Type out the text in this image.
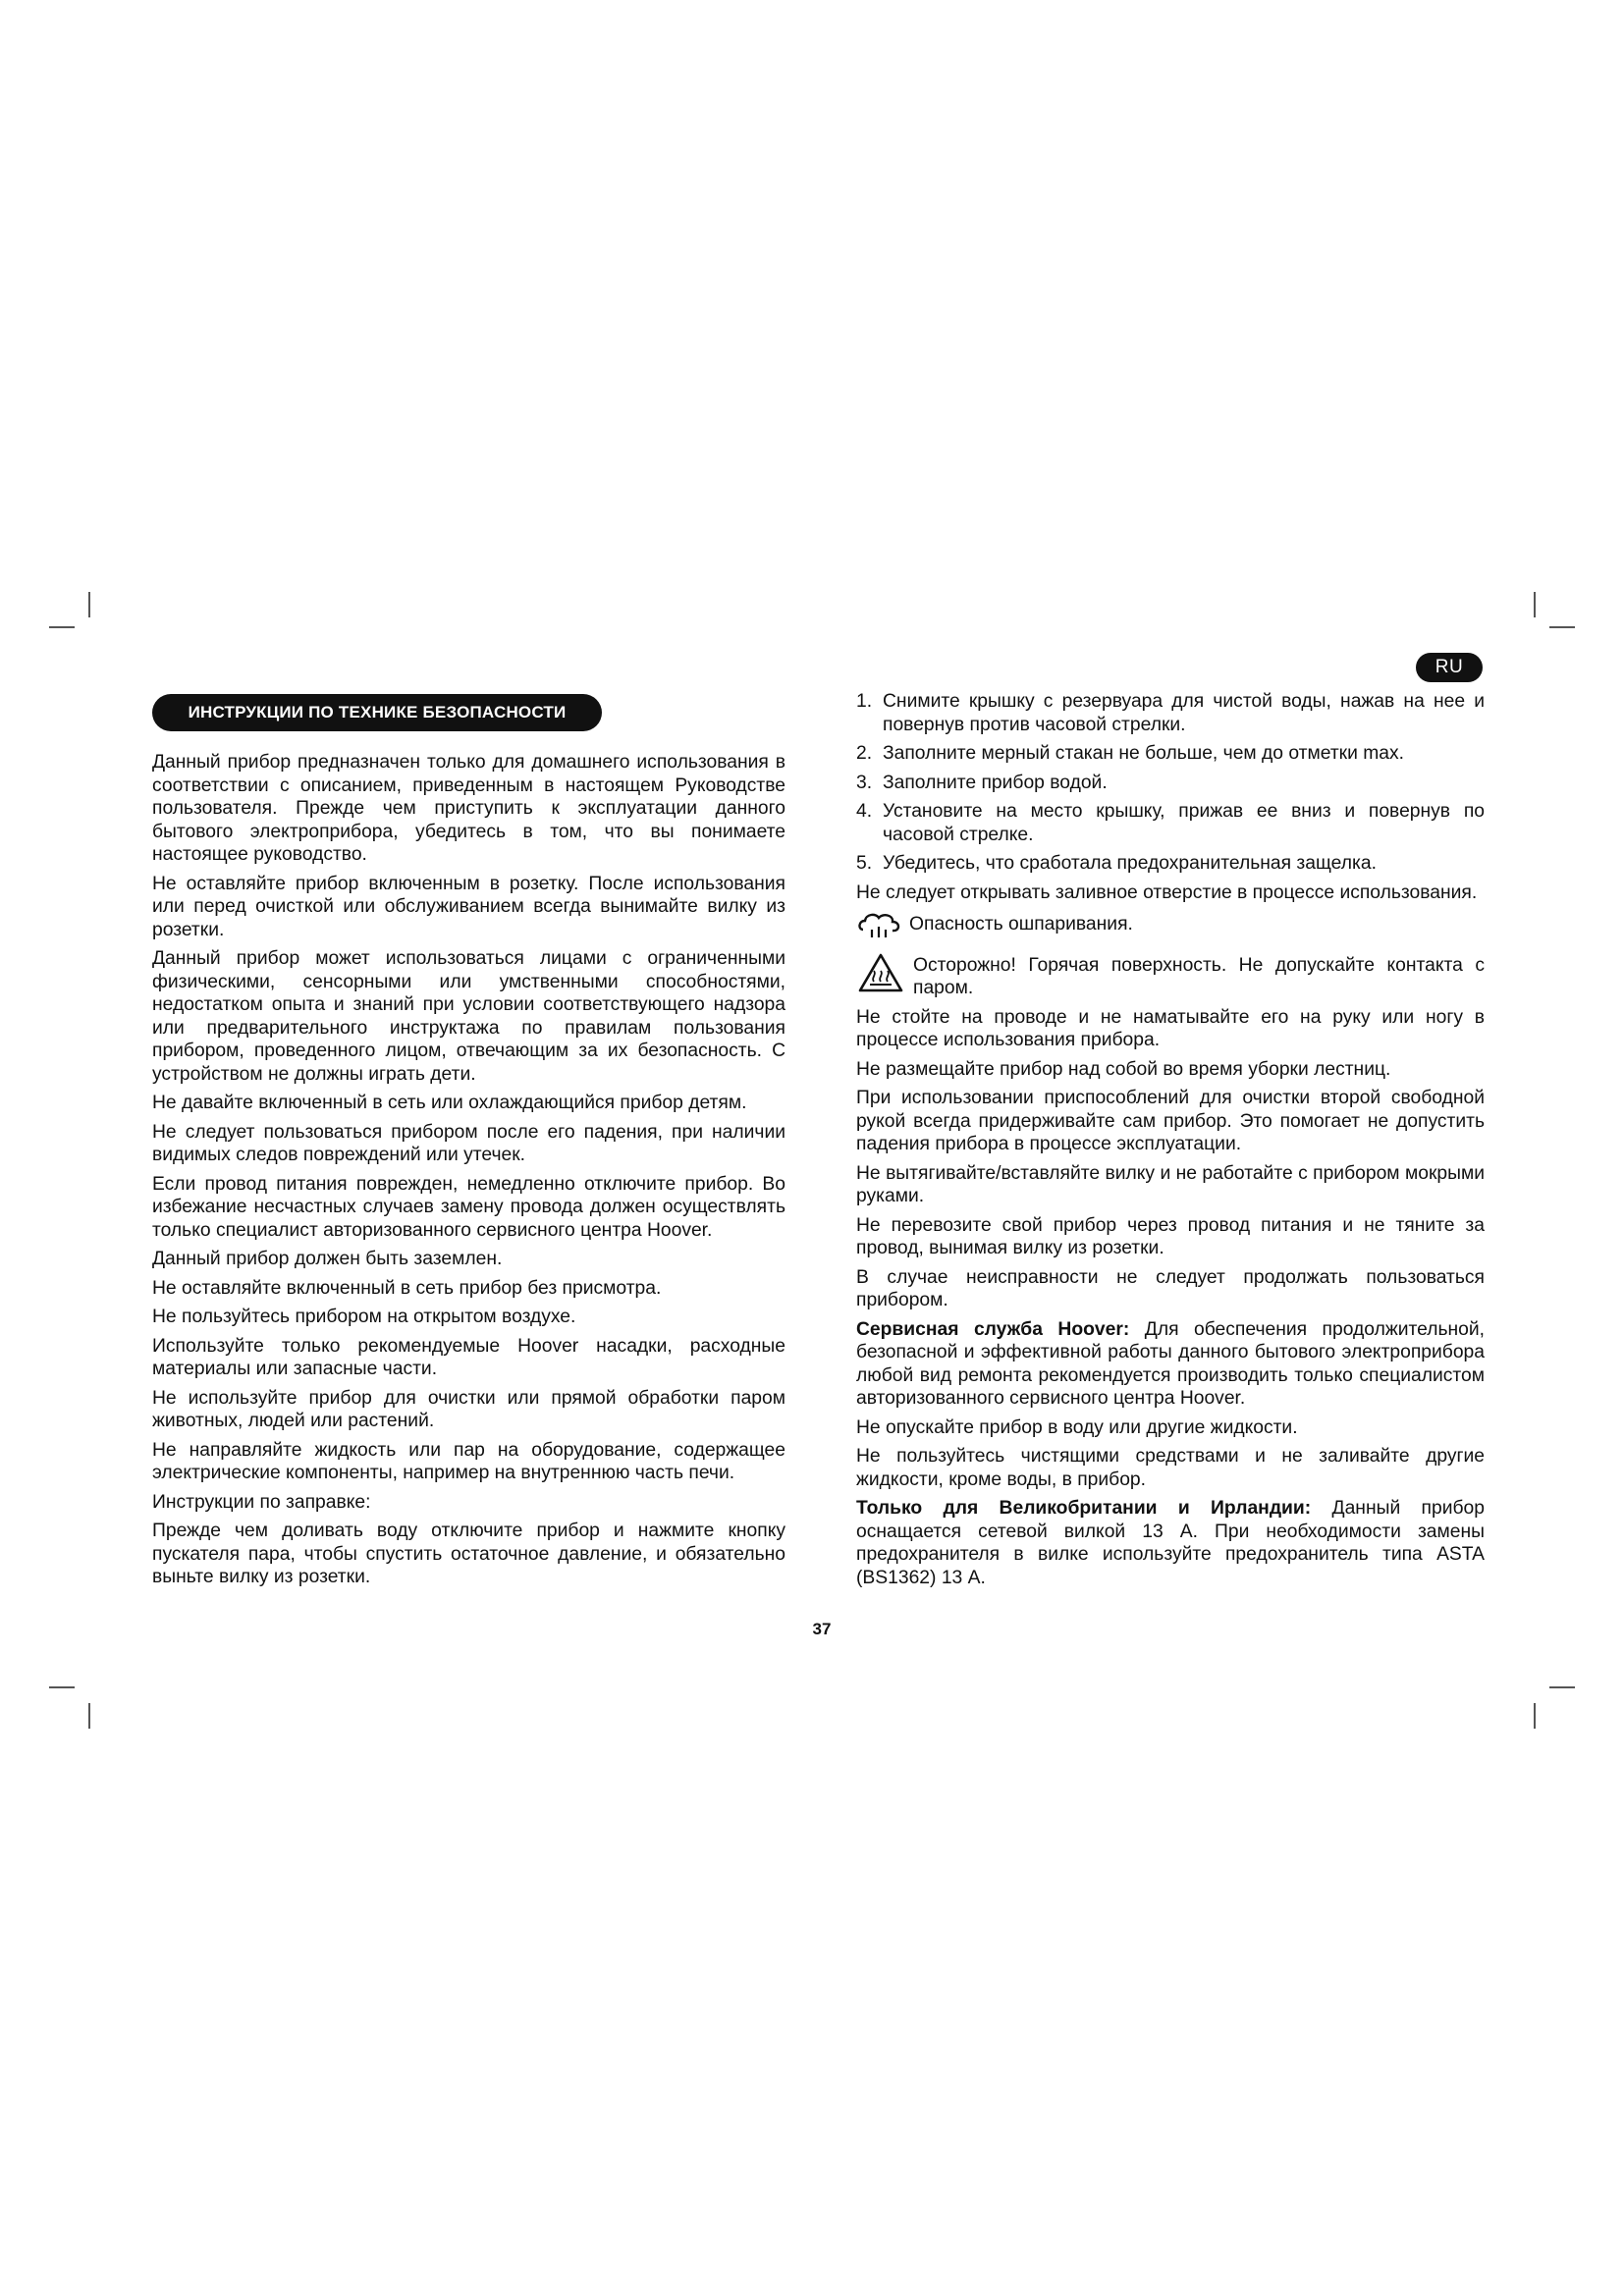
RU
ИНСТРУКЦИИ ПО ТЕХНИКЕ БЕЗОПАСНОСТИ

Данный прибор предназначен только для домашнего использования в соответствии с описанием, приведенным в настоящем Руководстве пользователя. Прежде чем приступить к эксплуатации данного бытового электроприбора, убедитесь в том, что вы понимаете настоящее руководство.

Не оставляйте прибор включенным в розетку. После использования или перед очисткой или обслуживанием всегда вынимайте вилку из розетки.

Данный прибор может использоваться лицами с ограниченными физическими, сенсорными или умственными способностями, недостатком опыта и знаний при условии соответствующего надзора или предварительного инструктажа по правилам пользования прибором, проведенного лицом, отвечающим за их безопасность. С устройством не должны играть дети.

Не давайте включенный в сеть или охлаждающийся прибор детям.

Не следует пользоваться прибором после его падения, при наличии видимых следов повреждений или утечек.

Если провод питания поврежден, немедленно отключите прибор. Во избежание несчастных случаев замену провода должен осуществлять только специалист авторизованного сервисного центра Hoover.

Данный прибор должен быть заземлен.

Не оставляйте включенный в сеть прибор без присмотра.

Не пользуйтесь прибором на открытом воздухе.

Используйте только рекомендуемые Hoover насадки, расходные материалы или запасные части.

Не используйте прибор для очистки или прямой обработки паром животных, людей или растений.

Не направляйте жидкость или пар на оборудование, содержащее электрические компоненты, например на внутреннюю часть печи.

Инструкции по заправке:

Прежде чем доливать воду отключите прибор и нажмите кнопку пускателя пара, чтобы спустить остаточное давление, и обязательно выньте вилку из розетки.

1. Снимите крышку с резервуара для чистой воды, нажав на нее и повернув против часовой стрелки.
2. Заполните мерный стакан не больше, чем до отметки max.
3. Заполните прибор водой.
4. Установите на место крышку, прижав ее вниз и повернув по часовой стрелке.
5. Убедитесь, что сработала предохранительная защелка.

Не следует открывать заливное отверстие в процессе использования.

Опасность ошпаривания.
Осторожно! Горячая поверхность. Не допускайте контакта с паром.

Не стойте на проводе и не наматывайте его на руку или ногу в процессе использования прибора.

Не размещайте прибор над собой во время уборки лестниц.

При использовании приспособлений для очистки второй свободной рукой всегда придерживайте сам прибор. Это помогает не допустить падения прибора в процессе эксплуатации.

Не вытягивайте/вставляйте вилку и не работайте с прибором мокрыми руками.

Не перевозите свой прибор через провод питания и не тяните за провод, вынимая вилку из розетки.

В случае неисправности не следует продолжать пользоваться прибором.

Сервисная служба Hoover: Для обеспечения продолжительной, безопасной и эффективной работы данного бытового электроприбора любой вид ремонта рекомендуется производить только специалистом авторизованного сервисного центра Hoover.

Не опускайте прибор в воду или другие жидкости.

Не пользуйтесь чистящими средствами и не заливайте другие жидкости, кроме воды, в прибор.

Только для Великобритании и Ирландии: Данный прибор оснащается сетевой вилкой 13 А. При необходимости замены предохранителя в вилке используйте предохранитель типа ASTA (BS1362) 13 А.

37
